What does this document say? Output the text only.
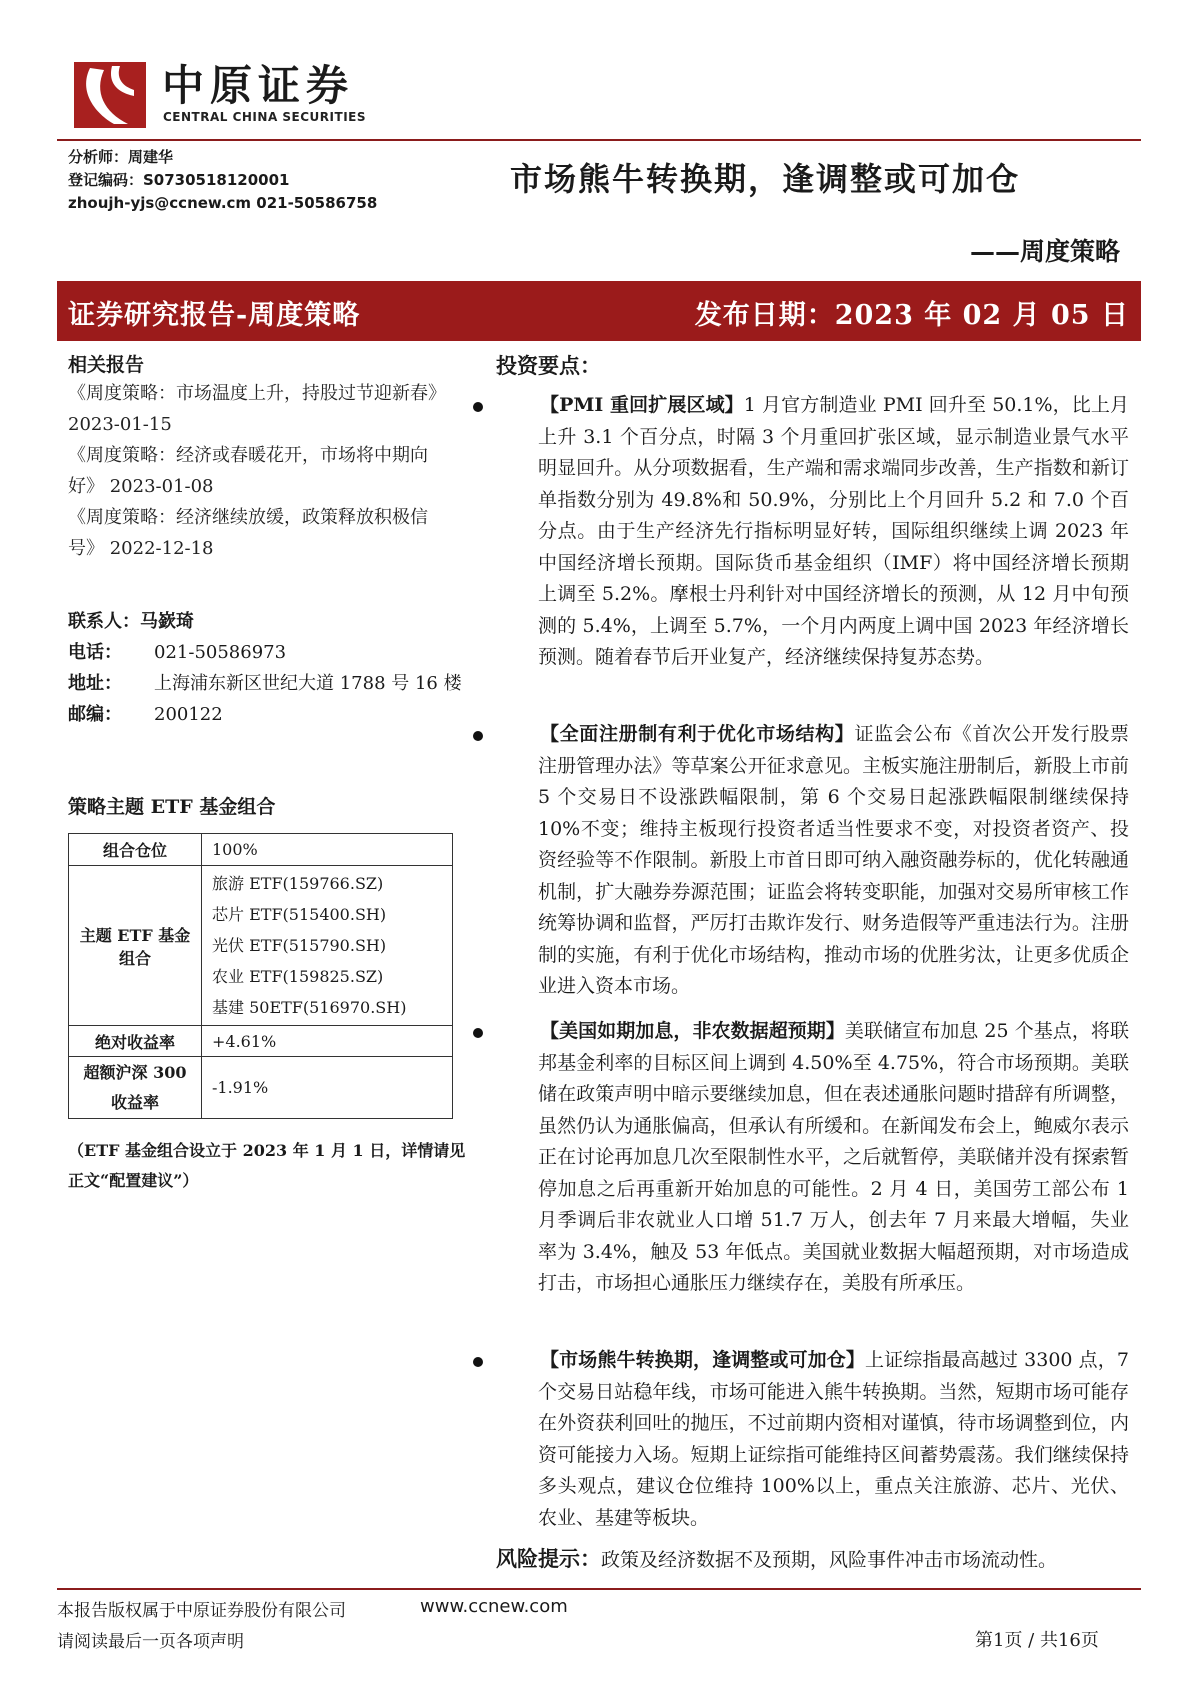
中原证券
CENTRAL CHINA SECURITIES
分析师：周建华
登记编码：S0730518120001
zhoujh-yjs@ccnew.cm 021-50586758
市场熊牛转换期，逢调整或可加仓
——周度策略
证券研究报告-周度策略	发布日期：2023 年 02 月 05 日
相关报告
《周度策略：市场温度上升，持股过节迎新春》 2023-01-15
《周度策略：经济或春暖花开，市场将中期向好》 2023-01-08
《周度策略：经济继续放缓，政策释放积极信号》 2022-12-18
联系人：马嶔琦
电话： 021-50586973
地址： 上海浦东新区世纪大道 1788 号 16 楼
邮编： 200122
策略主题 ETF 基金组合
组合仓位	100%
主题 ETF 基金组合	旅游 ETF(159766.SZ)
芯片 ETF(515400.SH)
光伏 ETF(515790.SH)
农业 ETF(159825.SZ)
基建 50ETF(516970.SH)

绝对收益率	+4.61%
超额沪深 300 收益率	-1.91%
（ETF 基金组合设立于 2023 年 1 月 1 日，详情请见正文“配置建议”）
投资要点：

【PMI 重回扩展区域】1 月官方制造业 PMI 回升至 50.1%，比上月上升 3.1 个百分点，时隔 3 个月重回扩张区域，显示制造业景气水平明显回升。从分项数据看，生产端和需求端同步改善，生产指数和新订单指数分别为 49.8%和 50.9%，分别比上个月回升 5.2 和 7.0 个百分点。由于生产经济先行指标明显好转，国际组织继续上调 2023 年中国经济增长预期。国际货币基金组织（IMF）将中国经济增长预期上调至 5.2%。摩根士丹利针对中国经济增长的预测，从 12 月中旬预测的 5.4%，上调至 5.7%，一个月内两度上调中国 2023 年经济增长预测。随着春节后开业复产，经济继续保持复苏态势。

【全面注册制有利于优化市场结构】证监会公布《首次公开发行股票注册管理办法》等草案公开征求意见。主板实施注册制后，新股上市前 5 个交易日不设涨跌幅限制，第 6 个交易日起涨跌幅限制继续保持 10%不变；维持主板现行投资者适当性要求不变，对投资者资产、投资经验等不作限制。新股上市首日即可纳入融资融券标的，优化转融通机制，扩大融券券源范围；证监会将转变职能，加强对交易所审核工作统筹协调和监督，严厉打击欺诈发行、财务造假等严重违法行为。注册制的实施，有利于优化市场结构，推动市场的优胜劣汰，让更多优质企业进入资本市场。

【美国如期加息，非农数据超预期】美联储宣布加息 25 个基点，将联邦基金利率的目标区间上调到 4.50%至 4.75%，符合市场预期。美联储在政策声明中暗示要继续加息，但在表述通胀问题时措辞有所调整，虽然仍认为通胀偏高，但承认有所缓和。在新闻发布会上，鲍威尔表示正在讨论再加息几次至限制性水平，之后就暂停，美联储并没有探索暂停加息之后再重新开始加息的可能性。2 月 4 日，美国劳工部公布 1 月季调后非农就业人口增 51.7 万人，创去年 7 月来最大增幅，失业率为 3.4%，触及 53 年低点。美国就业数据大幅超预期，对市场造成打击，市场担心通胀压力继续存在，美股有所承压。

【市场熊牛转换期，逢调整或可加仓】上证综指最高越过 3300 点，7 个交易日站稳年线，市场可能进入熊牛转换期。当然，短期市场可能存在外资获利回吐的抛压，不过前期内资相对谨慎，待市场调整到位，内资可能接力入场。短期上证综指可能维持区间蓄势震荡。我们继续保持多头观点，建议仓位维持 100%以上，重点关注旅游、芯片、光伏、农业、基建等板块。

风险提示：政策及经济数据不及预期，风险事件冲击市场流动性。
本报告版权属于中原证券股份有限公司
请阅读最后一页各项声明
www.ccnew.com
第1页 / 共16页
